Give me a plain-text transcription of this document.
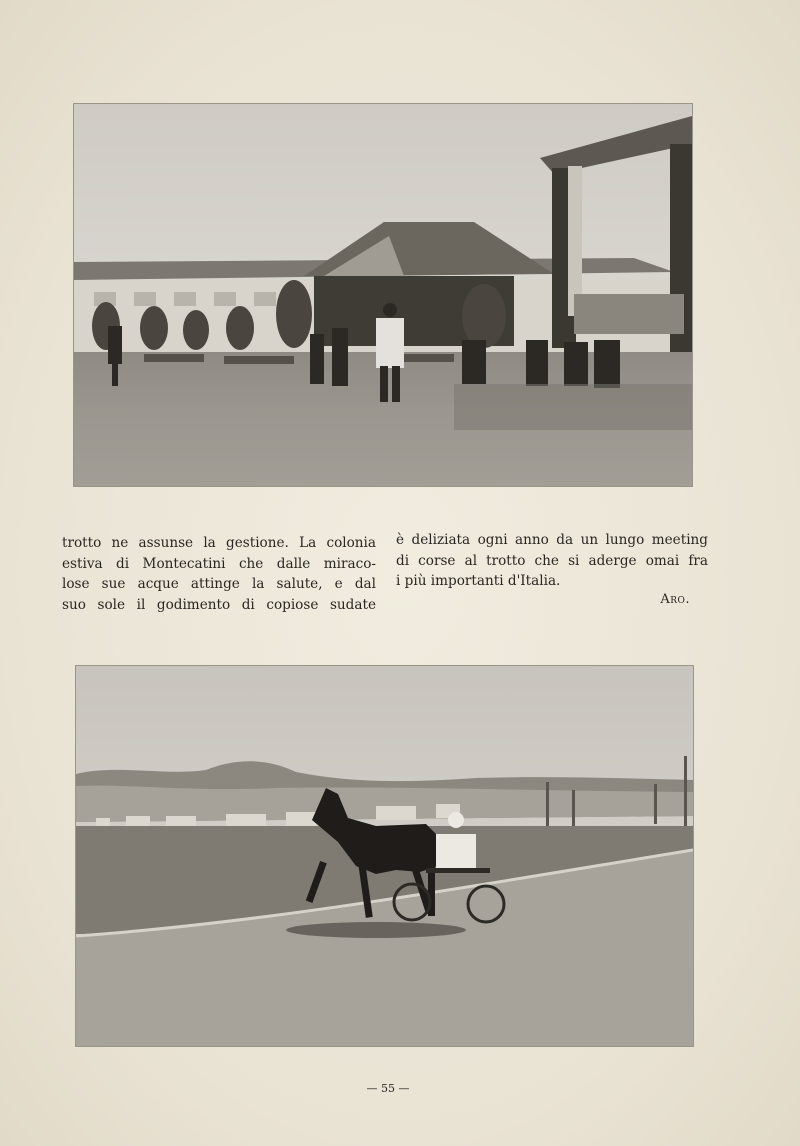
trotto ne assunse la gestione. La colonia
estiva di Montecatini che dalle miraco-
lose sue acque attinge la salute, e dal
suo sole il godimento di copiose sudate
è deliziata ogni anno da un lungo meeting
di corse al trotto che si aderge omai fra
i più importanti d'Italia.
Aro.
— 55 —
